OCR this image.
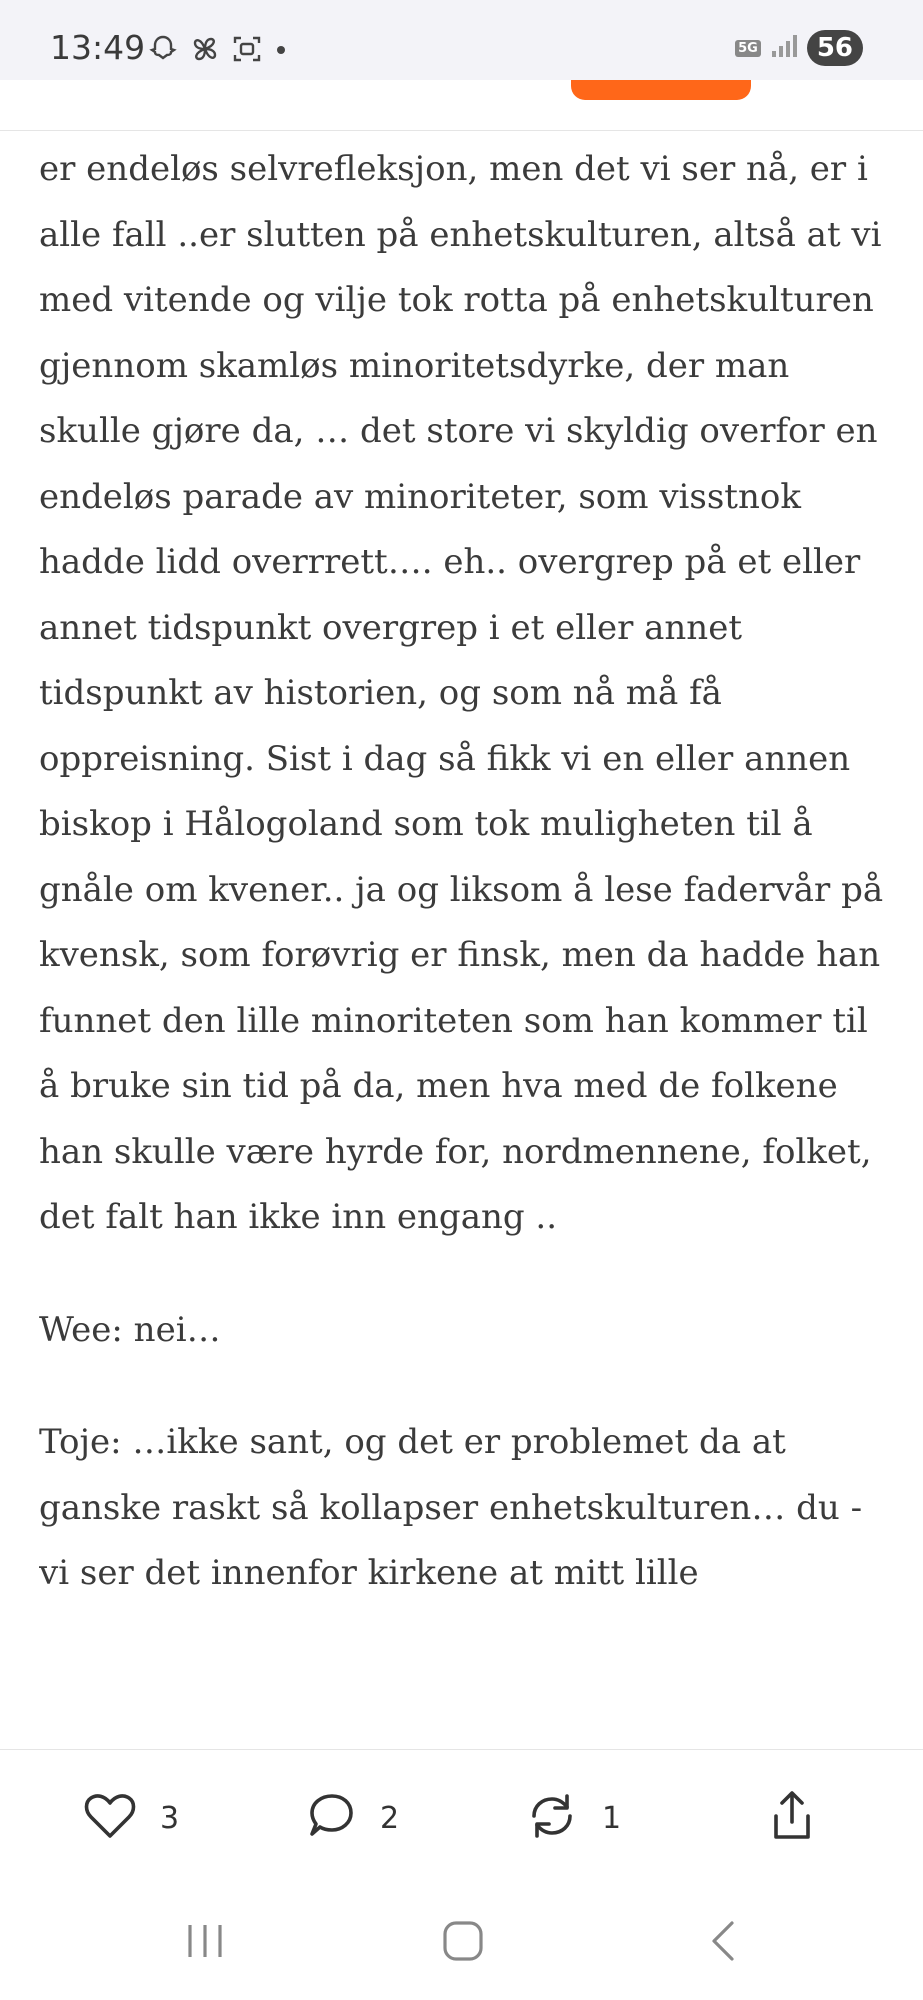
13:49	5G	56

er endeløs selvrefleksjon, men det vi ser nå, er i alle fall ..er slutten på enhetskulturen, altså at vi med vitende og vilje tok rotta på enhetskulturen gjennom skamløs minoritetsdyrke, der man skulle gjøre da, … det store vi skyldig overfor en endeløs parade av minoriteter, som visstnok hadde lidd overrrett…. eh.. overgrep på et eller annet tidspunkt overgrep i et eller annet tidspunkt av historien, og som nå må få oppreisning. Sist i dag så fikk vi en eller annen biskop i Hålogoland som tok muligheten til å gnåle om kvener.. ja og liksom å lese fadervår på kvensk, som forøvrig er finsk, men da hadde han funnet den lille minoriteten som han kommer til å bruke sin tid på da, men hva med de folkene han skulle være hyrde for, nordmennene, folket, det falt han ikke inn engang ..

Wee: nei…

Toje: …ikke sant, og det er problemet da at ganske raskt så kollapser enhetskulturen… du - vi ser det innenfor kirkene at mitt lille

3	2	1
